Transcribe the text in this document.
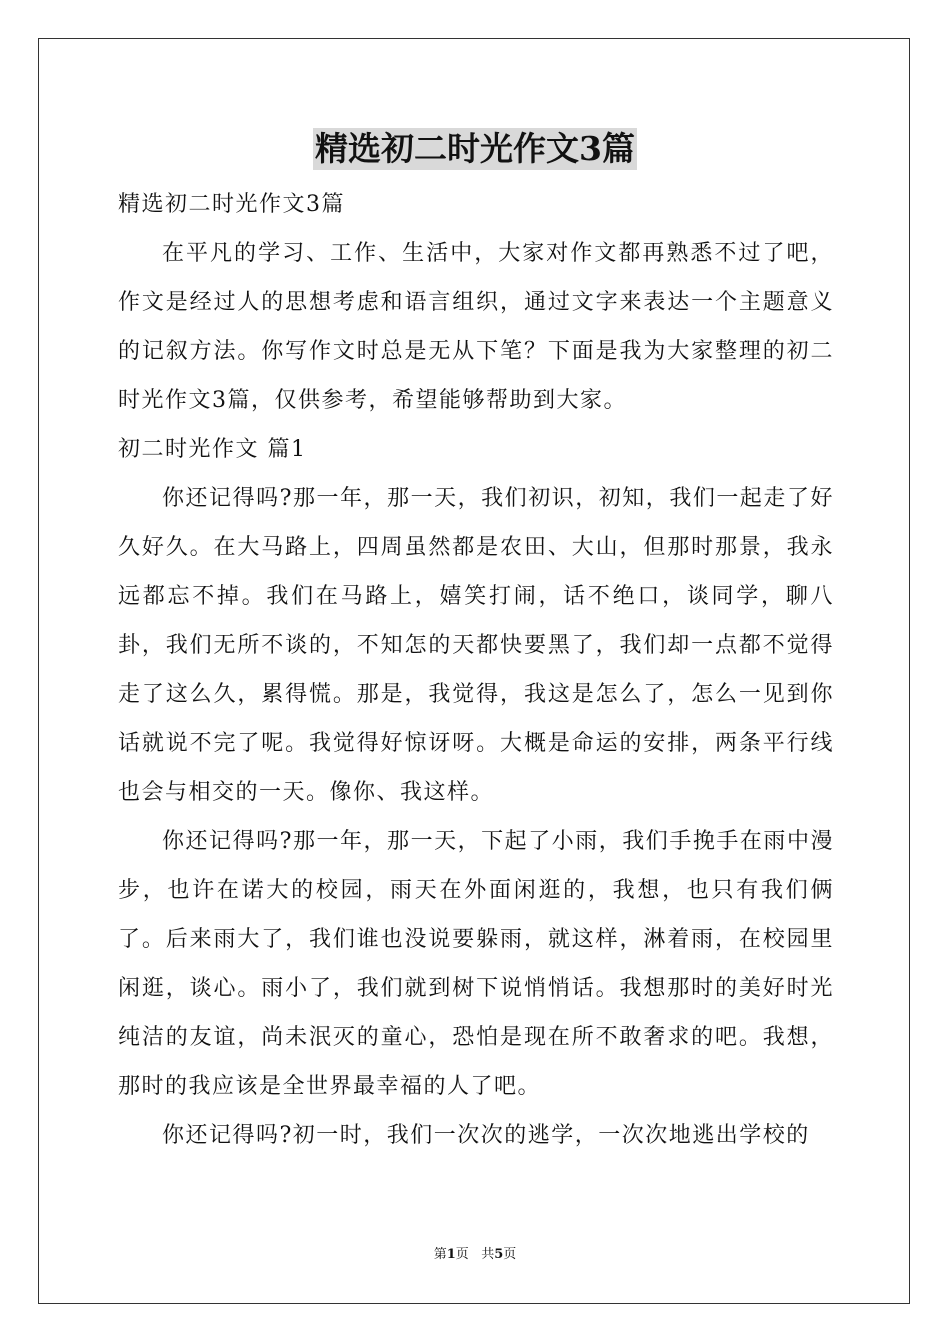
精选初二时光作文3篇

精选初二时光作文3篇

在平凡的学习、工作、生活中，大家对作文都再熟悉不过了吧，作文是经过人的思想考虑和语言组织，通过文字来表达一个主题意义的记叙方法。你写作文时总是无从下笔？下面是我为大家整理的初二时光作文3篇，仅供参考，希望能够帮助到大家。

初二时光作文 篇1

你还记得吗?那一年，那一天，我们初识，初知，我们一起走了好久好久。在大马路上，四周虽然都是农田、大山，但那时那景，我永远都忘不掉。我们在马路上，嬉笑打闹，话不绝口，谈同学，聊八卦，我们无所不谈的，不知怎的天都快要黑了，我们却一点都不觉得走了这么久，累得慌。那是，我觉得，我这是怎么了，怎么一见到你话就说不完了呢。我觉得好惊讶呀。大概是命运的安排，两条平行线也会与相交的一天。像你、我这样。

你还记得吗?那一年，那一天，下起了小雨，我们手挽手在雨中漫步，也许在诺大的校园，雨天在外面闲逛的，我想，也只有我们俩了。后来雨大了，我们谁也没说要躲雨，就这样，淋着雨，在校园里闲逛，谈心。雨小了，我们就到树下说悄悄话。我想那时的美好时光纯洁的友谊，尚未泯灭的童心，恐怕是现在所不敢奢求的吧。我想，那时的我应该是全世界最幸福的人了吧。

你还记得吗?初一时，我们一次次的逃学，一次次地逃出学校的

第1页 共5页
